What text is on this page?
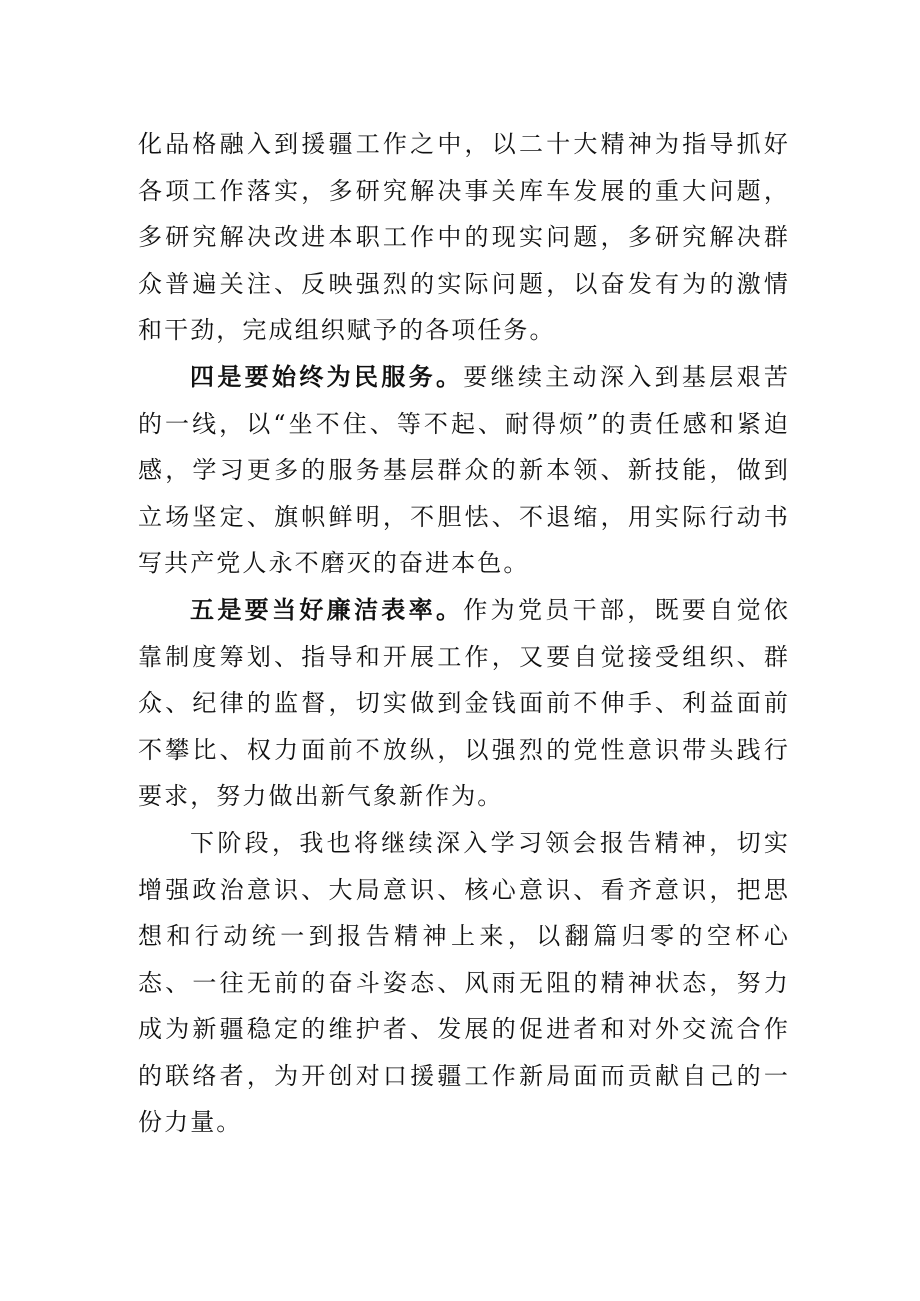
化品格融入到援疆工作之中，以二十大精神为指导抓好各项工作落实，多研究解决事关库车发展的重大问题，多研究解决改进本职工作中的现实问题，多研究解决群众普遍关注、反映强烈的实际问题，以奋发有为的激情和干劲，完成组织赋予的各项任务。

四是要始终为民服务。要继续主动深入到基层艰苦的一线，以“坐不住、等不起、耐得烦”的责任感和紧迫感，学习更多的服务基层群众的新本领、新技能，做到立场坚定、旗帜鲜明，不胆怯、不退缩，用实际行动书写共产党人永不磨灭的奋进本色。

五是要当好廉洁表率。作为党员干部，既要自觉依靠制度筹划、指导和开展工作，又要自觉接受组织、群众、纪律的监督，切实做到金钱面前不伸手、利益面前不攀比、权力面前不放纵，以强烈的党性意识带头践行要求，努力做出新气象新作为。

下阶段，我也将继续深入学习领会报告精神，切实增强政治意识、大局意识、核心意识、看齐意识，把思想和行动统一到报告精神上来，以翻篇归零的空杯心态、一往无前的奋斗姿态、风雨无阻的精神状态，努力成为新疆稳定的维护者、发展的促进者和对外交流合作的联络者，为开创对口援疆工作新局面而贡献自己的一份力量。
